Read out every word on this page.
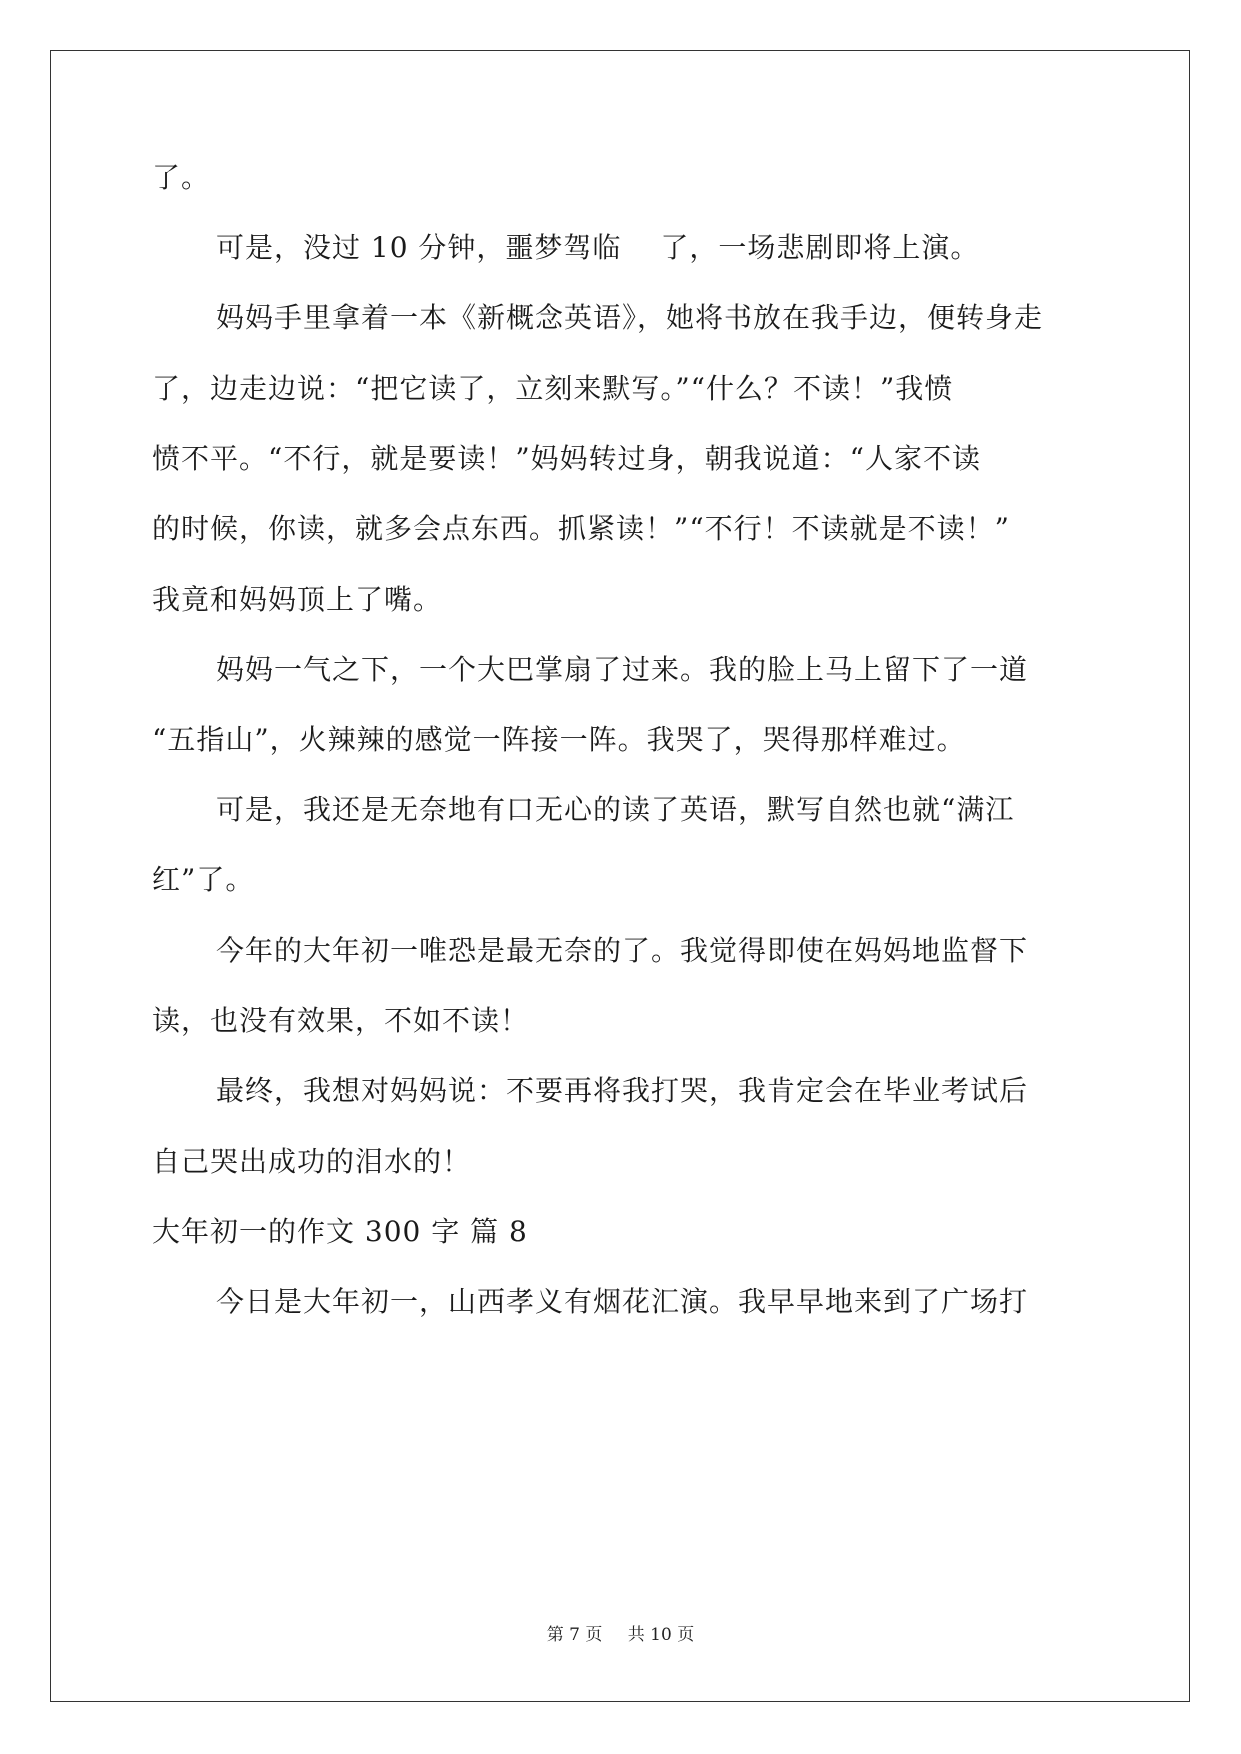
了。
可是，没过 10 分钟，噩梦驾临　 了，一场悲剧即将上演。
妈妈手里拿着一本《新概念英语》，她将书放在我手边，便转身走
了，边走边说：“把它读了，立刻来默写。”“什么？不读！”我愤
愤不平。“不行，就是要读！”妈妈转过身，朝我说道：“人家不读
的时候，你读，就多会点东西。抓紧读！”“不行！不读就是不读！”
我竟和妈妈顶上了嘴。
妈妈一气之下，一个大巴掌扇了过来。我的脸上马上留下了一道
“五指山”，火辣辣的感觉一阵接一阵。我哭了，哭得那样难过。
可是，我还是无奈地有口无心的读了英语，默写自然也就“满江
红”了。
今年的大年初一唯恐是最无奈的了。我觉得即使在妈妈地监督下
读，也没有效果，不如不读！
最终，我想对妈妈说：不要再将我打哭，我肯定会在毕业考试后
自己哭出成功的泪水的！
大年初一的作文 300 字 篇 8
今日是大年初一，山西孝义有烟花汇演。我早早地来到了广场打
第 7 页 共 10 页
